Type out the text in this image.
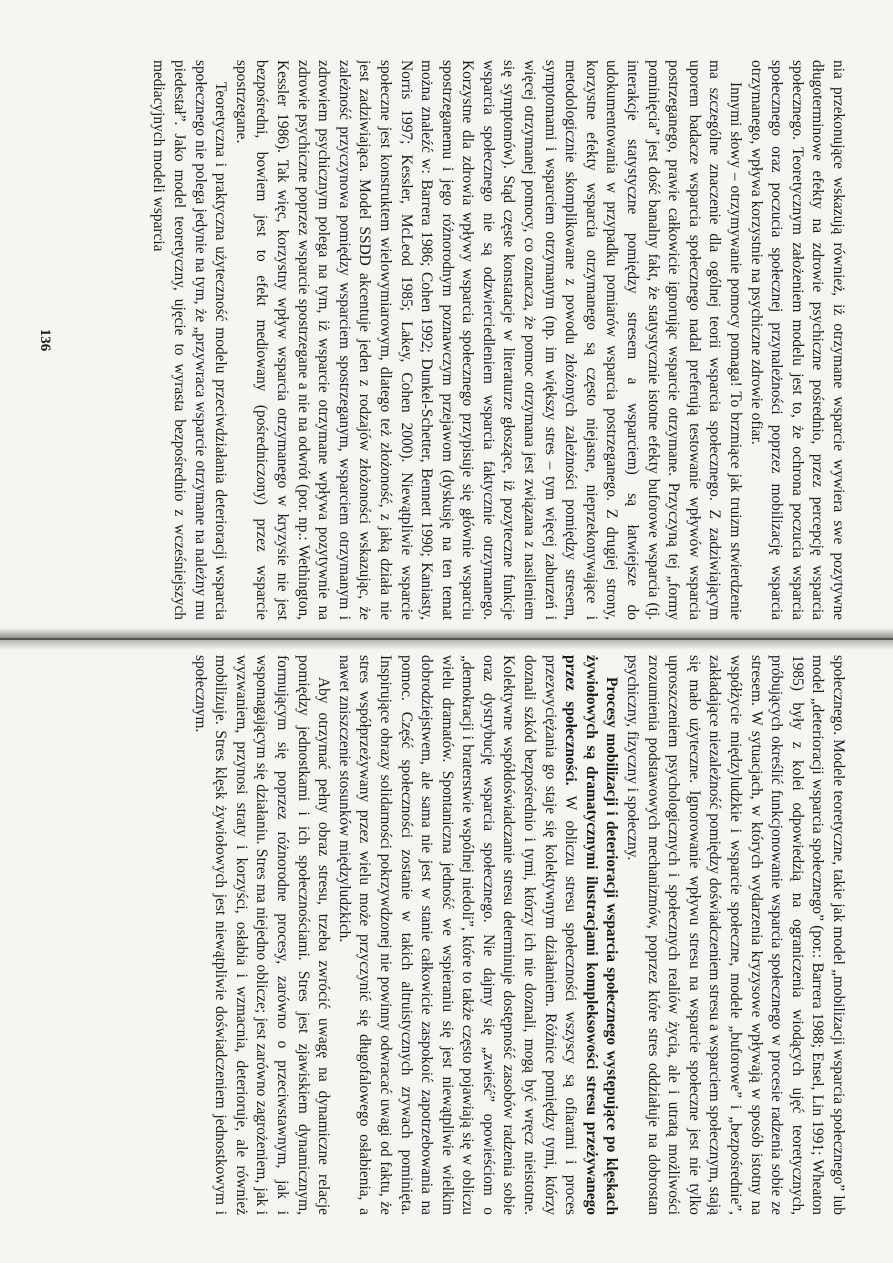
nia przekonujące wskazują również, iż otrzymane wsparcie wywiera swe pozytywne długoterminowe efekty na zdrowie psychiczne pośrednio, przez percepcję wsparcia społecznego. Teoretycznym założeniem modelu jest to, że ochrona poczucia wsparcia społecznego oraz poczucia społecznej przynależności poprzez mobilizację wsparcia otrzymanego, wpływa korzystnie na psychiczne zdrowie ofiar.

Innymi słowy – otrzymywanie pomocy pomaga! To brzmiące jak truizm stwierdzenie ma szczególne znaczenie dla ogólnej teorii wsparcia społecznego. Z zadziwiającym uporem badacze wsparcia społecznego nadal preferują testowanie wpływów wsparcia postrzeganego, prawie całkowicie ignorując wsparcie otrzymane. Przyczyną tej „formy pominięcia” jest dość banalny fakt, że statystycznie istotne efekty buforowe wsparcia (tj. interakcje statystyczne pomiędzy stresem a wsparciem) są łatwiejsze do udokumentowania w przypadku pomiarów wsparcia postrzeganego. Z drugiej strony, korzystne efekty wsparcia otrzymanego są często niejasne, nieprzekonywające i metodologicznie skomplikowane z powodu złożonych zależności pomiędzy stresem, symptomami i wsparciem otrzymanym (np. im większy stres – tym więcej zaburzeń i więcej otrzymanej pomocy, co oznacza, że pomoc otrzymana jest związana z nasileniem się symptomów). Stąd częste konstatacje w literaturze głoszące, iż pozyteczne funkcje wsparcia społecznego nie są odzwierciedleniem wsparcia faktycznie otrzymanego. Korzystne dla zdrowia wpływy wsparcia społecznego przypisuje się głównie wsparciu spostrzeganemu i jego różnorodnym poznawczym przejawom (dyskusję na ten temat można znaleźć w: Barrera 1986; Cohen 1992; Dunkel-Schetter, Bennett 1990; Kaniasty, Norris 1997; Kessler, McLeod 1985; Lakey, Cohen 2000). Niewątpliwie wsparcie społeczne jest konstruktem wielowymiarowym, dlatego też złożoność, z jaką działa nie jest zadziwiająca. Model SSDD akcentuje jeden z rodzajów złożoności wskazując, że zależność przyczynowa pomiędzy wsparciem spostrzeganym, wsparciem otrzymanym i zdrowiem psychicznym polega na tym, iż wsparcie otrzymane wpływa pozytywnie na zdrowie psychiczne poprzez wsparcie spostrzegane a nie na odwrót (por. np.: Wethington, Kessler 1986). Tak więc, korzystny wpływ wsparcia otrzymanego w kryzysie nie jest bezpośredni, bowiem jest to efekt mediowany (pośredniczony) przez wsparcie spostrzegane.

Teoretyczna i praktyczna użyteczność modelu przeciwdziałania deterioracji wsparcia społecznego nie polega jedynie na tym, że „przywraca wsparcie otrzymane na należny mu piedestał”. Jako model teoretyczny, ujęcie to wyrasta bezpośrednio z wcześniejszych mediacyjnych modeli wsparcia

136

społecznego. Modele teoretyczne, takie jak model „mobilizacji wsparcia społecznego” lub model „deterioracji wsparcia społecznego” (por.: Barrera 1988; Ensel, Lin 1991; Wheaton 1985) były z kolei odpowiedzią na ograniczenia wiodących ujęć teoretycznych, próbujących określić funkcjonowanie wsparcia społecznego w procesie radzenia sobie ze stresem. W sytuacjach, w których wydarzenia kryzysowe wpływają w sposób istotny na współżycie międzyludzkie i wsparcie społeczne, modele „buforowe” i „bezpośrednie”, zakładające niezależność pomiędzy doświadczeniem stresu a wsparciem społecznym, stają się mało użyteczne. Ignorowanie wpływu stresu na wsparcie społeczne jest nie tylko uproszczeniem psychologicznych i społecznych realiów życia, ale i utratą możliwości zrozumienia podstawowych mechanizmów, poprzez które stres oddziałuje na dobrostan psychiczny, fizyczny i społeczny.

Procesy mobilizacji i deterioracji wsparcia społecznego występujące po klęskach żywiołowych są dramatycznymi ilustracjami kompleksowości stresu przeżywanego przez społeczności. W obliczu stresu społeczności wszyscy są ofiarami i proces przezwyciężania go staje się kolektywnym działaniem. Różnice pomiędzy tymi, którzy doznali szkód bezpośrednio i tymi, którzy ich nie doznali, mogą być wręcz nieistotne. Kolektywne współdoświadczanie stresu determinuje dostępność zasobów radzenia sobie oraz dystrybucję wsparcia społecznego. Nie dajmy się „zwieść” opowieściom o „demokracji i braterstwie wspólnej niedoli”, które to także często pojawiają się w obliczu wielu dramatów. Spontaniczna jedność we wspieraniu się jest niewątpliwie wielkim dobrodziejstwem, ale sama nie jest w stanie całkowicie zaspokoić zapotrzebowania na pomoc. Część społeczności zostanie w takich altruistycznych zrywach pominięta. Inspirujące obrazy solidarności pokrzywdzonej nie powinny odwracać uwagi od faktu, że stres współprzeżywany przez wielu może przyczynić się długofalowego osłabienia, a nawet zniszczenie stosunków międzyludzkich.

Aby otrzymać pełny obraz stresu, trzeba zwrócić uwagę na dynamiczne relacje pomiędzy jednostkami i ich społecznościami. Stres jest zjawiskiem dynamicznym, formującym się poprzez różnorodne procesy, zarówno o przeciwstawnym, jak i wspomagającym się działaniu. Stres ma niejedno oblicze; jest zarówno zagrożeniem, jak i wyzwaniem, przynosi straty i korzyści, osłabia i wzmacnia, deterioruje, ale również mobilizuje. Stres klęsk żywiołowych jest niewątpliwie doświadczeniem jednostkowym i społecznym.
